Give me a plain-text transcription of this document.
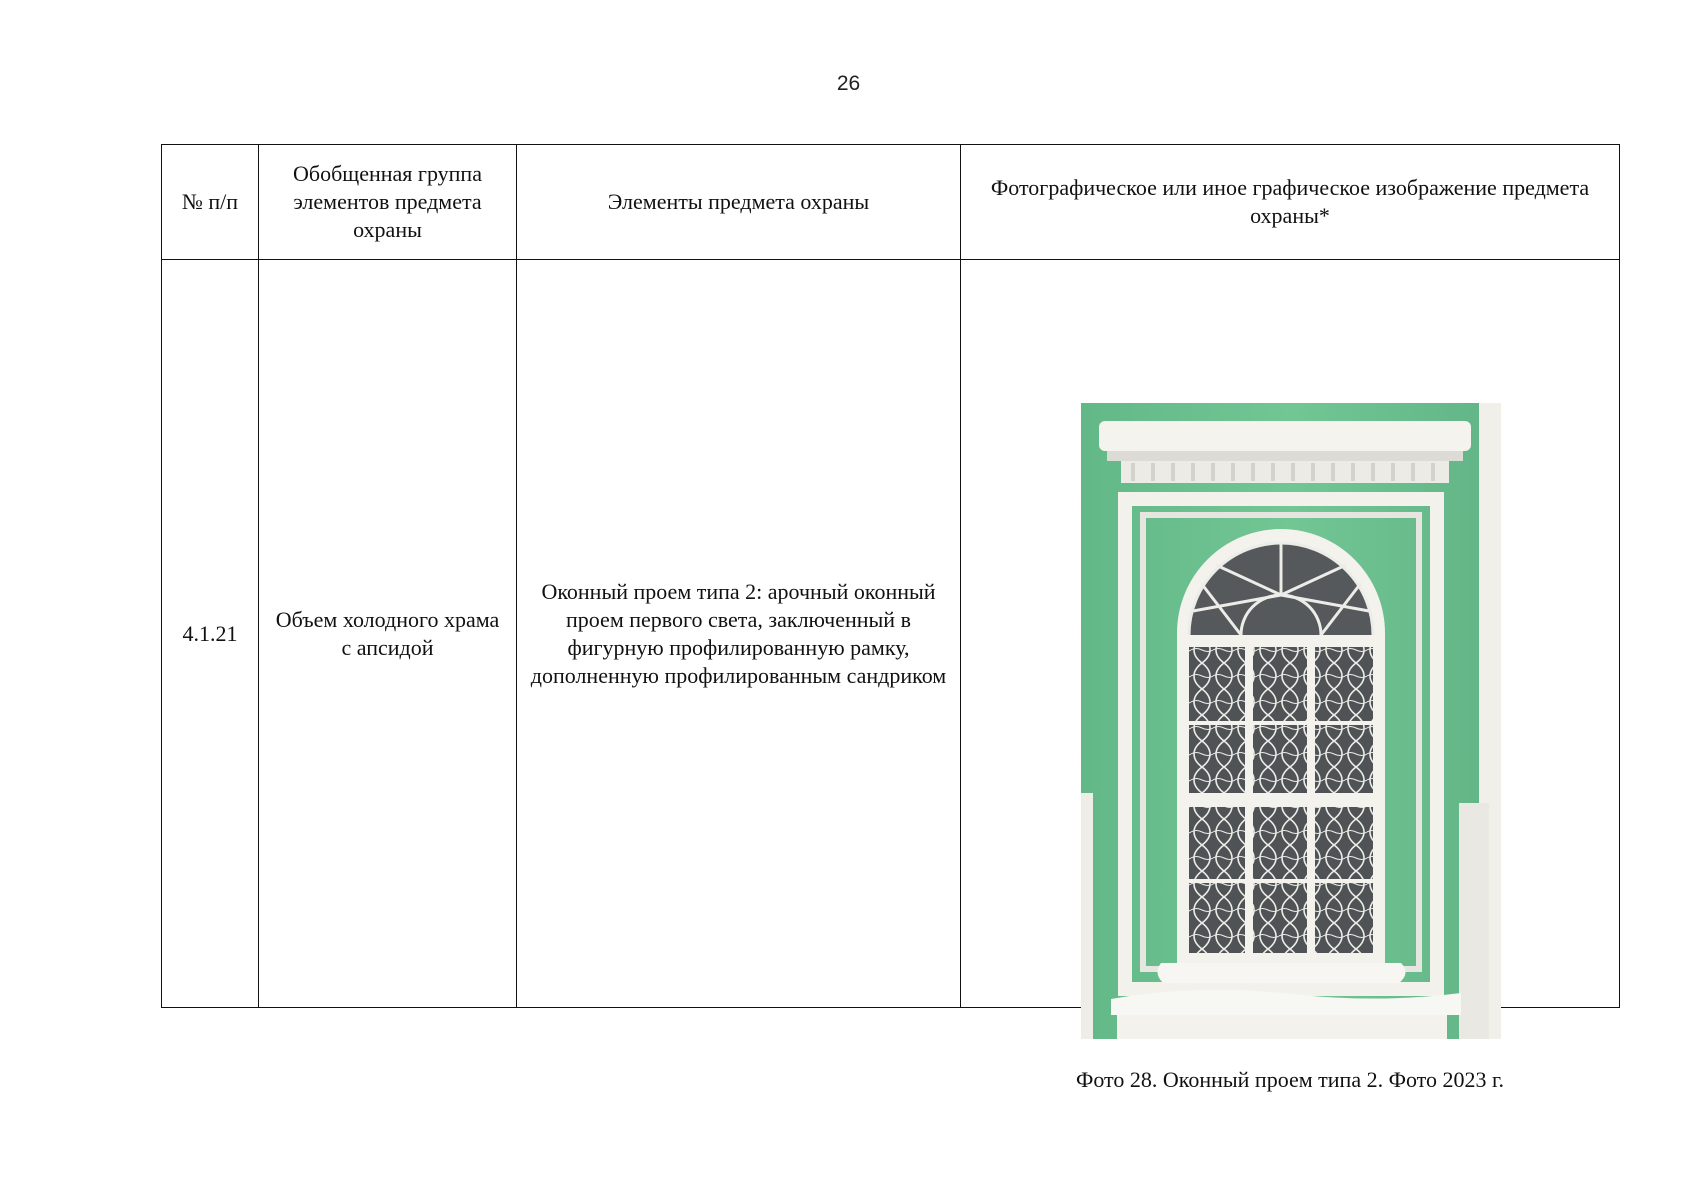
26
№ п/п	Обобщенная группа элементов предмета охраны	Элементы предмета охраны	Фотографическое или иное графическое изображение предмета охраны*
4.1.21	Объем холодного храма с апсидой	Оконный проем типа 2: арочный оконный проем первого света, заключенный в фигурную профилированную рамку, дополненную профилированным сандриком	Фото 28. Оконный проем типа 2. Фото 2023 г.
